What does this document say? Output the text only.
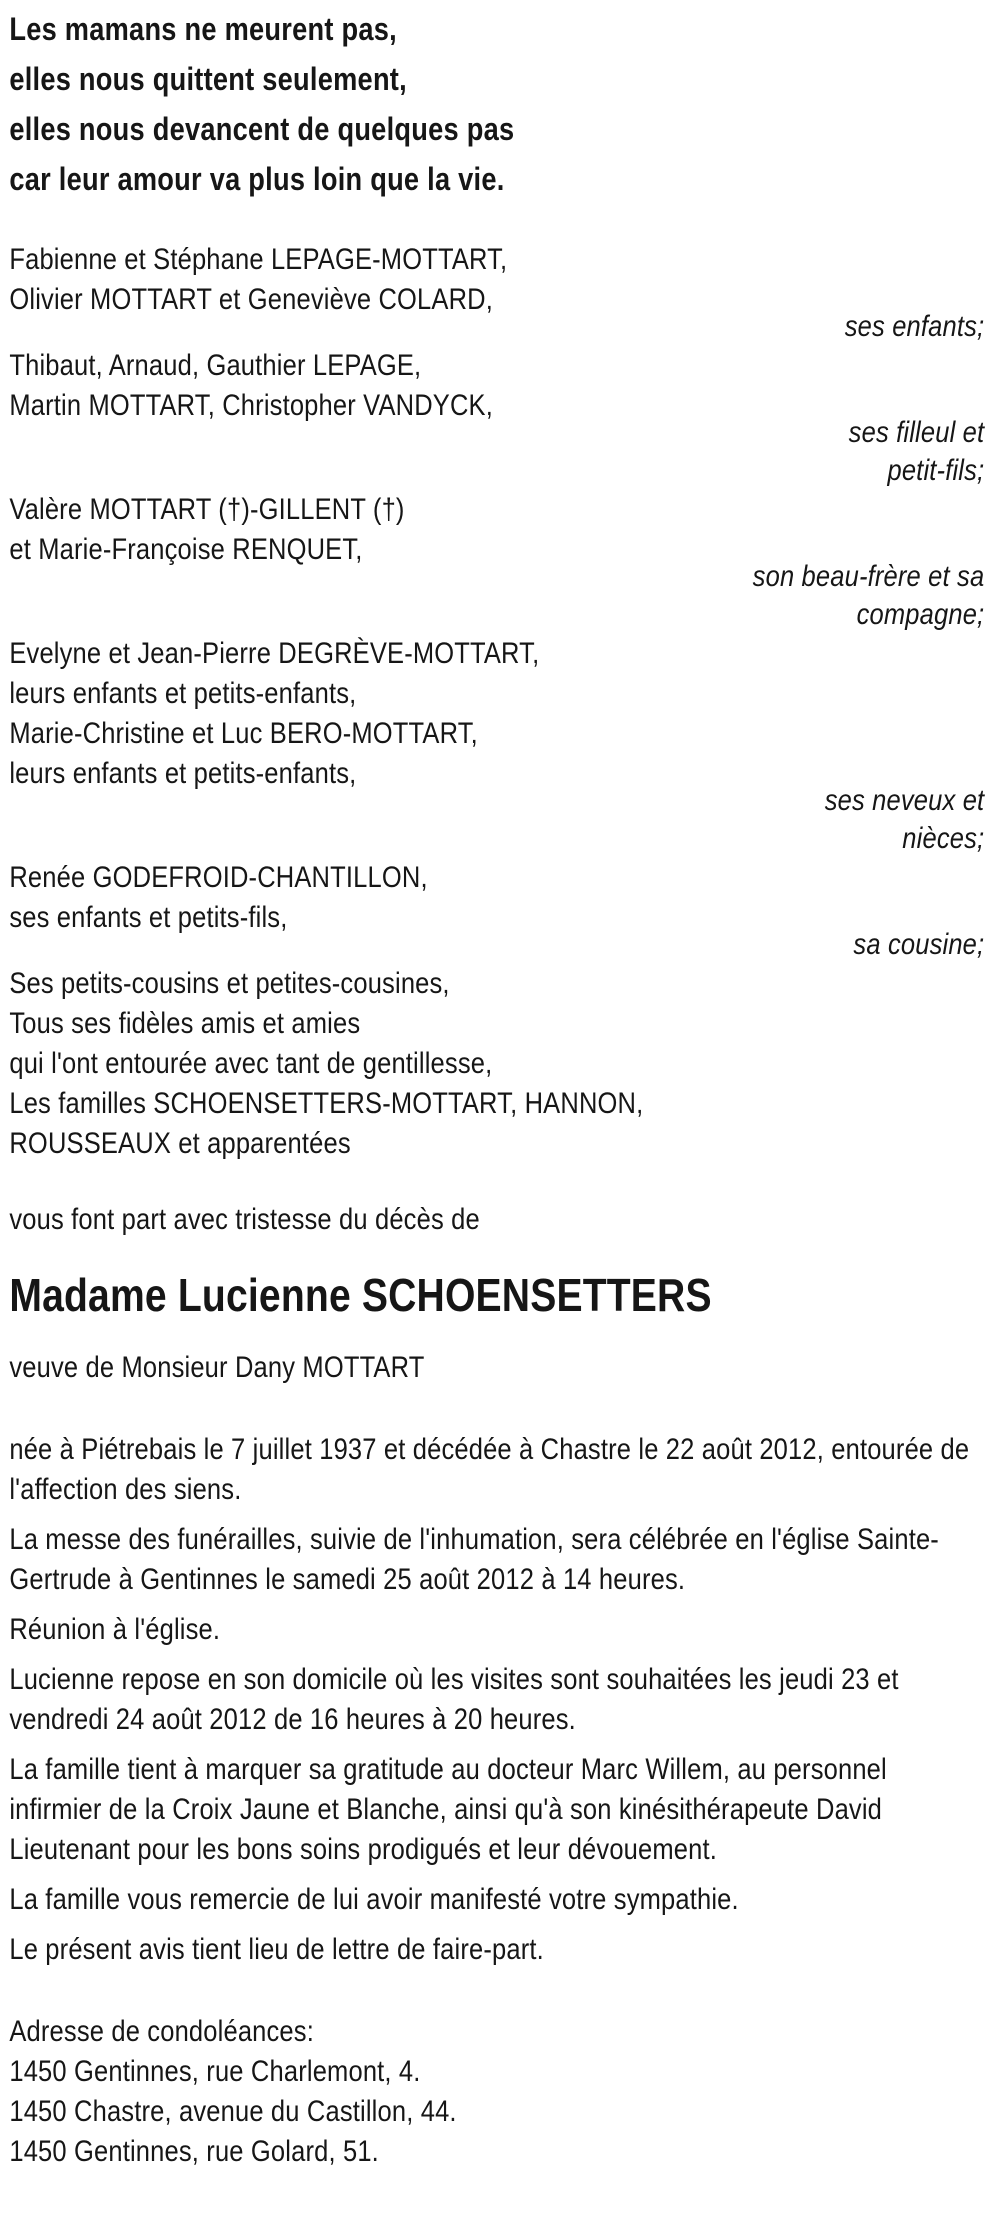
Les mamans ne meurent pas,

elles nous quittent seulement,

elles nous devancent de quelques pas

car leur amour va plus loin que la vie.

Fabienne et Stéphane LEPAGE-MOTTART,

Olivier MOTTART et Geneviève COLARD,

ses enfants;

Thibaut, Arnaud, Gauthier LEPAGE,

Martin MOTTART, Christopher VANDYCK,

ses filleul et

petit-fils;

Valère MOTTART (†)-GILLENT (†)

et Marie-Françoise RENQUET,

son beau-frère et sa

compagne;

Evelyne et Jean-Pierre DEGRÈVE-MOTTART,

leurs enfants et petits-enfants,

Marie-Christine et Luc BERO-MOTTART,

leurs enfants et petits-enfants,

ses neveux et

nièces;

Renée GODEFROID-CHANTILLON,

ses enfants et petits-fils,

sa cousine;

Ses petits-cousins et petites-cousines,

Tous ses fidèles amis et amies

qui l'ont entourée avec tant de gentillesse,

Les familles SCHOENSETTERS-MOTTART, HANNON,

ROUSSEAUX et apparentées

vous font part avec tristesse du décès de

Madame Lucienne SCHOENSETTERS

veuve de Monsieur Dany MOTTART

née à Piétrebais le 7 juillet 1937 et décédée à Chastre le 22 août 2012, entourée de l'affection des siens.

La messe des funérailles, suivie de l'inhumation, sera célébrée en l'église Sainte-Gertrude à Gentinnes le samedi 25 août 2012 à 14 heures.

Réunion à l'église.

Lucienne repose en son domicile où les visites sont souhaitées les jeudi 23 et vendredi 24 août 2012 de 16 heures à 20 heures.

La famille tient à marquer sa gratitude au docteur Marc Willem, au personnel infirmier de la Croix Jaune et Blanche, ainsi qu'à son kinésithérapeute David Lieutenant pour les bons soins prodigués et leur dévouement.

La famille vous remercie de lui avoir manifesté votre sympathie.

Le présent avis tient lieu de lettre de faire-part.

Adresse de condoléances:

1450 Gentinnes, rue Charlemont, 4.

1450 Chastre, avenue du Castillon, 44.

1450 Gentinnes, rue Golard, 51.
